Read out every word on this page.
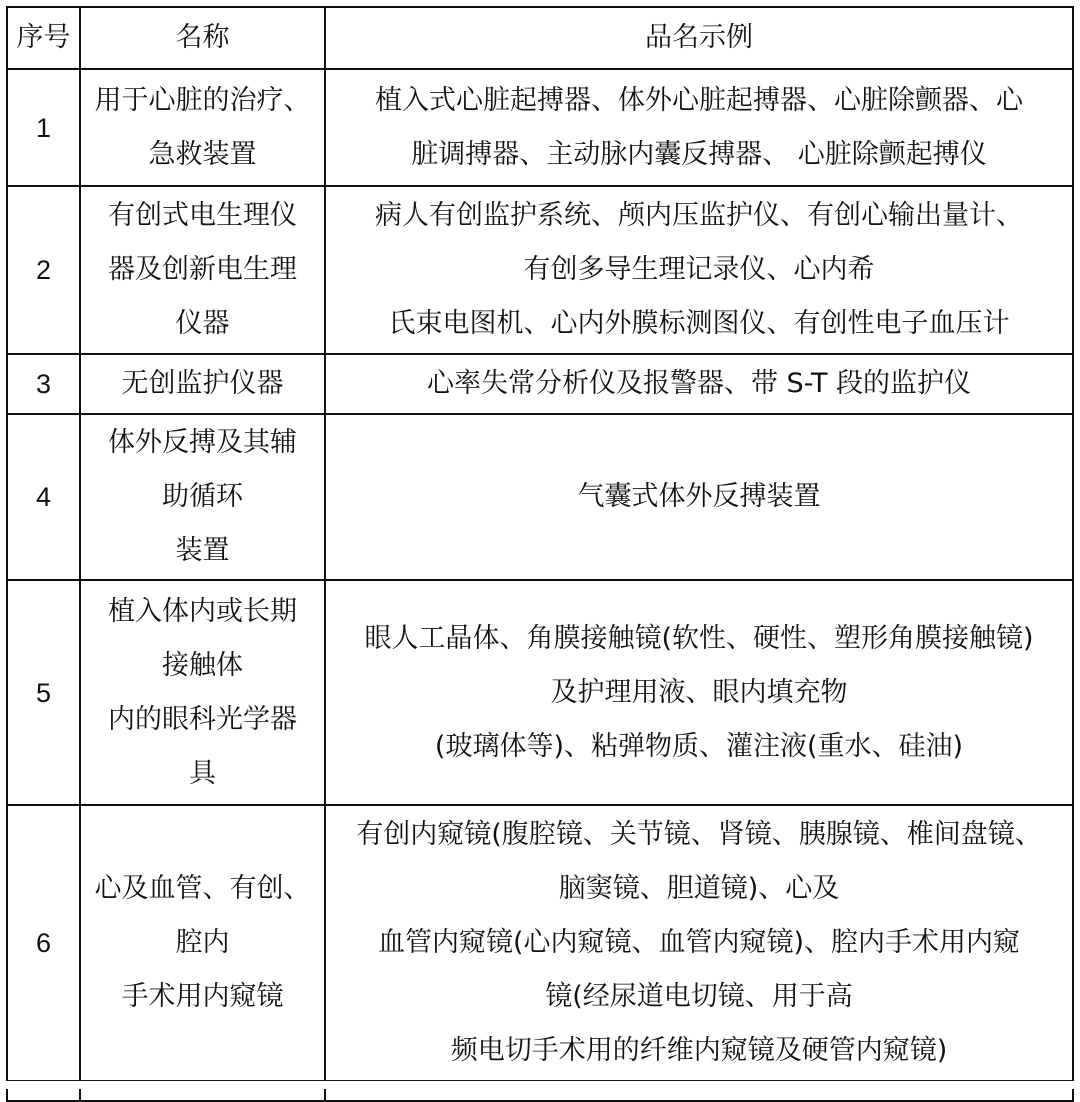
序号	名称	品名示例
1	用于心脏的治疗、
急救装置	植入式心脏起搏器、体外心脏起搏器、心脏除颤器、心
脏调搏器、主动脉内囊反搏器、 心脏除颤起搏仪

2	有创式电生理仪
器及创新电生理
仪器	病人有创监护系统、颅内压监护仪、有创心输出量计、
有创多导生理记录仪、心内希
氏束电图机、心内外膜标测图仪、有创性电子血压计

3	无创监护仪器	心率失常分析仪及报警器、带 S-T 段的监护仪

4	体外反搏及其辅
助循环
装置	气囊式体外反搏装置

5	植入体内或长期
接触体
内的眼科光学器
具	眼人工晶体、角膜接触镜(软性、硬性、塑形角膜接触镜)
及护理用液、眼内填充物
(玻璃体等)、粘弹物质、灌注液(重水、硅油)

6	心及血管、有创、
腔内
手术用内窥镜	有创内窥镜(腹腔镜、关节镜、肾镜、胰腺镜、椎间盘镜、
脑窦镜、胆道镜)、心及
血管内窥镜(心内窥镜、血管内窥镜)、腔内手术用内窥
镜(经尿道电切镜、用于高
频电切手术用的纤维内窥镜及硬管内窥镜)
